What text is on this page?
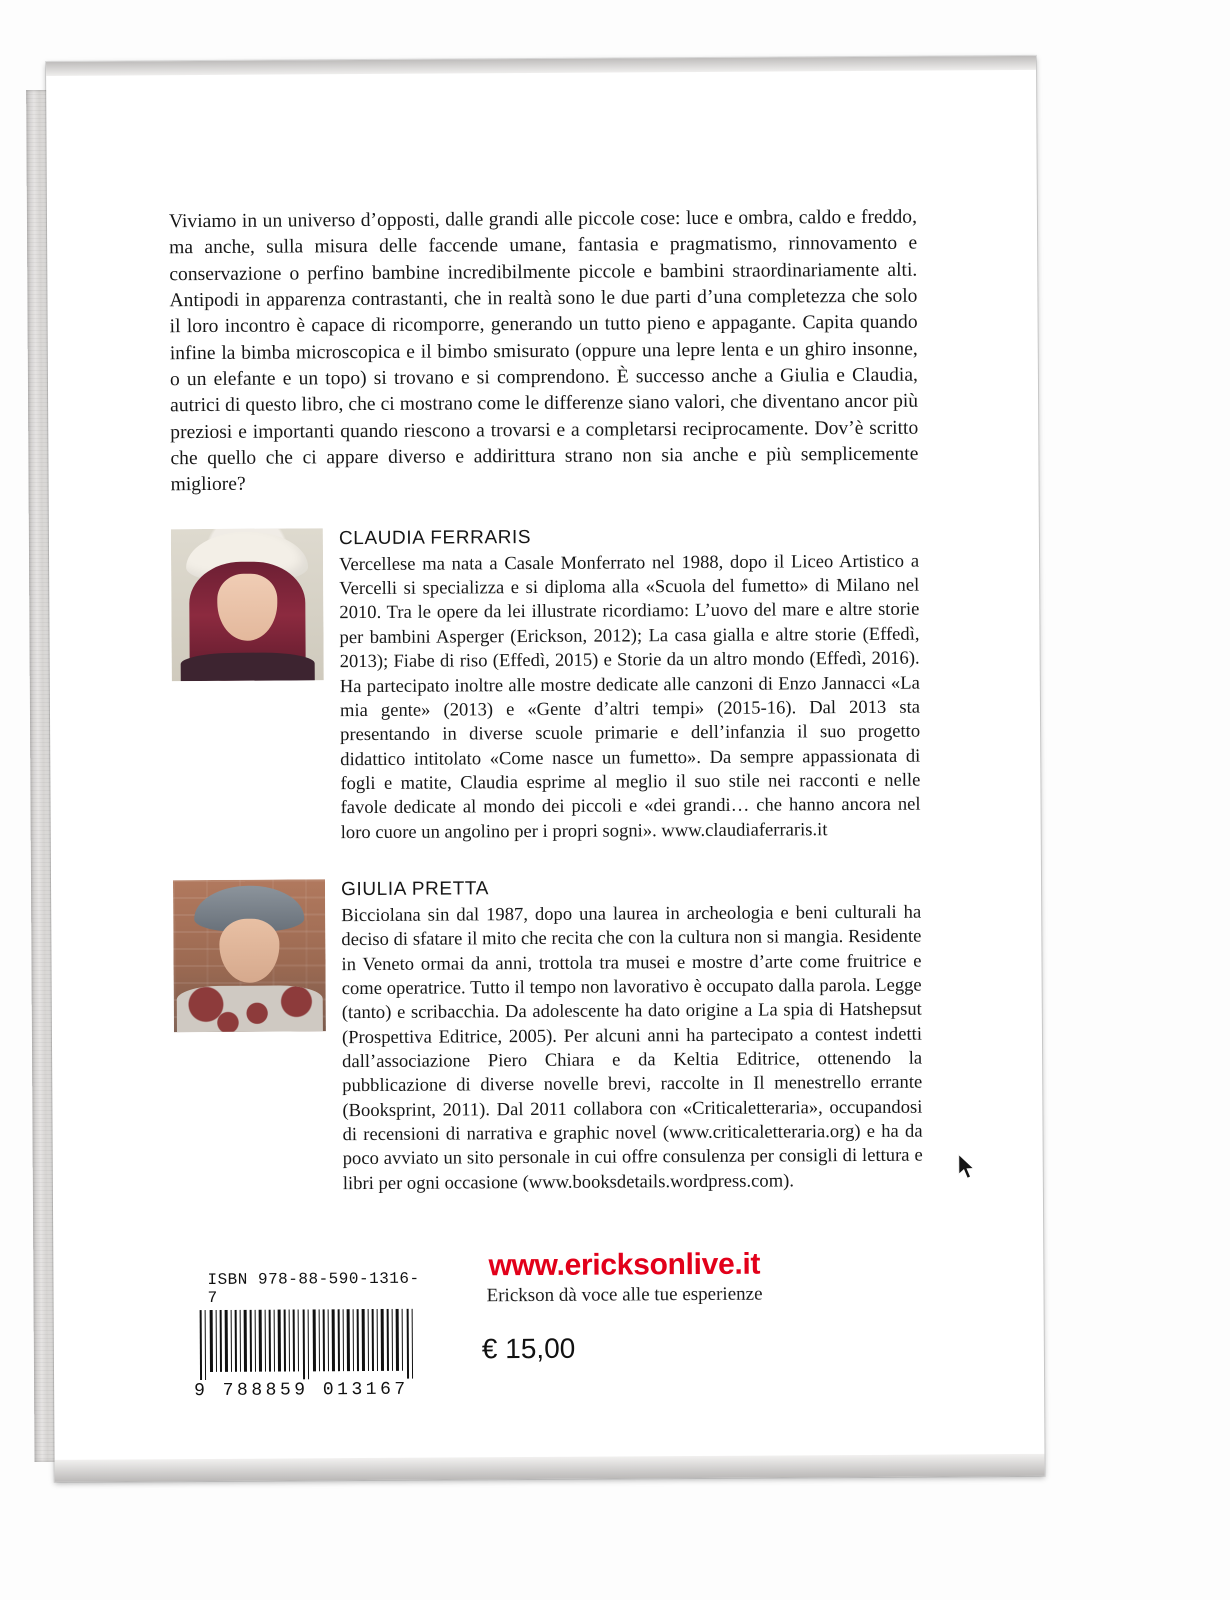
Viviamo in un universo d’opposti, dalle grandi alle piccole cose: luce e ombra, caldo e freddo, ma anche, sulla misura delle faccende umane, fantasia e pragmatismo, rinnovamento e conservazione o perfino bambine incredibilmente piccole e bambini straordinariamente alti. Antipodi in apparenza contrastanti, che in realtà sono le due parti d’una completezza che solo il loro incontro è capace di ricomporre, generando un tutto pieno e appagante. Capita quando infine la bimba microscopica e il bimbo smisurato (oppure una lepre lenta e un ghiro insonne, o un elefante e un topo) si trovano e si comprendono. È successo anche a Giulia e Claudia, autrici di questo libro, che ci mostrano come le differenze siano valori, che diventano ancor più preziosi e importanti quando riescono a trovarsi e a completarsi reciprocamente. Dov’è scritto che quello che ci appare diverso e addirittura strano non sia anche e più semplicemente migliore?

CLAUDIA FERRARIS

Vercellese ma nata a Casale Monferrato nel 1988, dopo il Liceo Artistico a Vercelli si specializza e si diploma alla «Scuola del fumetto» di Milano nel 2010. Tra le opere da lei illustrate ricordiamo: L’uovo del mare e altre storie per bambini Asperger (Erickson, 2012); La casa gialla e altre storie (Effedì, 2013); Fiabe di riso (Effedì, 2015) e Storie da un altro mondo (Effedì, 2016). Ha partecipato inoltre alle mostre dedicate alle canzoni di Enzo Jannacci «La mia gente» (2013) e «Gente d’altri tempi» (2015-16). Dal 2013 sta presentando in diverse scuole primarie e dell’infanzia il suo progetto didattico intitolato «Come nasce un fumetto». Da sempre appassionata di fogli e matite, Claudia esprime al meglio il suo stile nei racconti e nelle favole dedicate al mondo dei piccoli e «dei grandi… che hanno ancora nel loro cuore un angolino per i propri sogni». www.claudiaferraris.it

GIULIA PRETTA

Bicciolana sin dal 1987, dopo una laurea in archeologia e beni culturali ha deciso di sfatare il mito che recita che con la cultura non si mangia. Residente in Veneto ormai da anni, trottola tra musei e mostre d’arte come fruitrice e come operatrice. Tutto il tempo non lavorativo è occupato dalla parola. Legge (tanto) e scribacchia. Da adolescente ha dato origine a La spia di Hatshepsut (Prospettiva Editrice, 2005). Per alcuni anni ha partecipato a contest indetti dall’associazione Piero Chiara e da Keltia Editrice, ottenendo la pubblicazione di diverse novelle brevi, raccolte in Il menestrello errante (Booksprint, 2011). Dal 2011 collabora con «Criticaletteraria», occupandosi di recensioni di narrativa e graphic novel (www.criticaletteraria.org) e ha da poco avviato un sito personale in cui offre consulenza per consigli di lettura e libri per ogni occasione (www.booksdetails.wordpress.com).

www.ericksonlive.it
Erickson dà voce alle tue esperienze
ISBN 978-88-590-1316-7
9 788859 013167
€ 15,00
